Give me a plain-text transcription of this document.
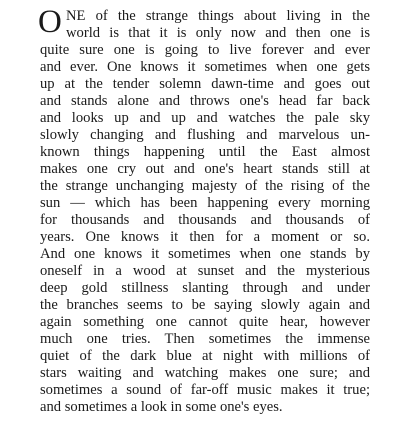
O NE of the strange things about living in the
world is that it is only now and then one is
quite sure one is going to live forever and ever
and ever. One knows it sometimes when one gets
up at the tender solemn dawn-time and goes out
and stands alone and throws one's head far back
and looks up and up and watches the pale sky
slowly changing and flushing and marvelous un-
known things happening until the East almost
makes one cry out and one's heart stands still at
the strange unchanging majesty of the rising of the
sun — which has been happening every morning
for thousands and thousands and thousands of
years. One knows it then for a moment or so.
And one knows it sometimes when one stands by
oneself in a wood at sunset and the mysterious
deep gold stillness slanting through and under
the branches seems to be saying slowly again and
again something one cannot quite hear, however
much one tries. Then sometimes the immense
quiet of the dark blue at night with millions of
stars waiting and watching makes one sure; and
sometimes a sound of far-off music makes it true;
and sometimes a look in some one's eyes.
